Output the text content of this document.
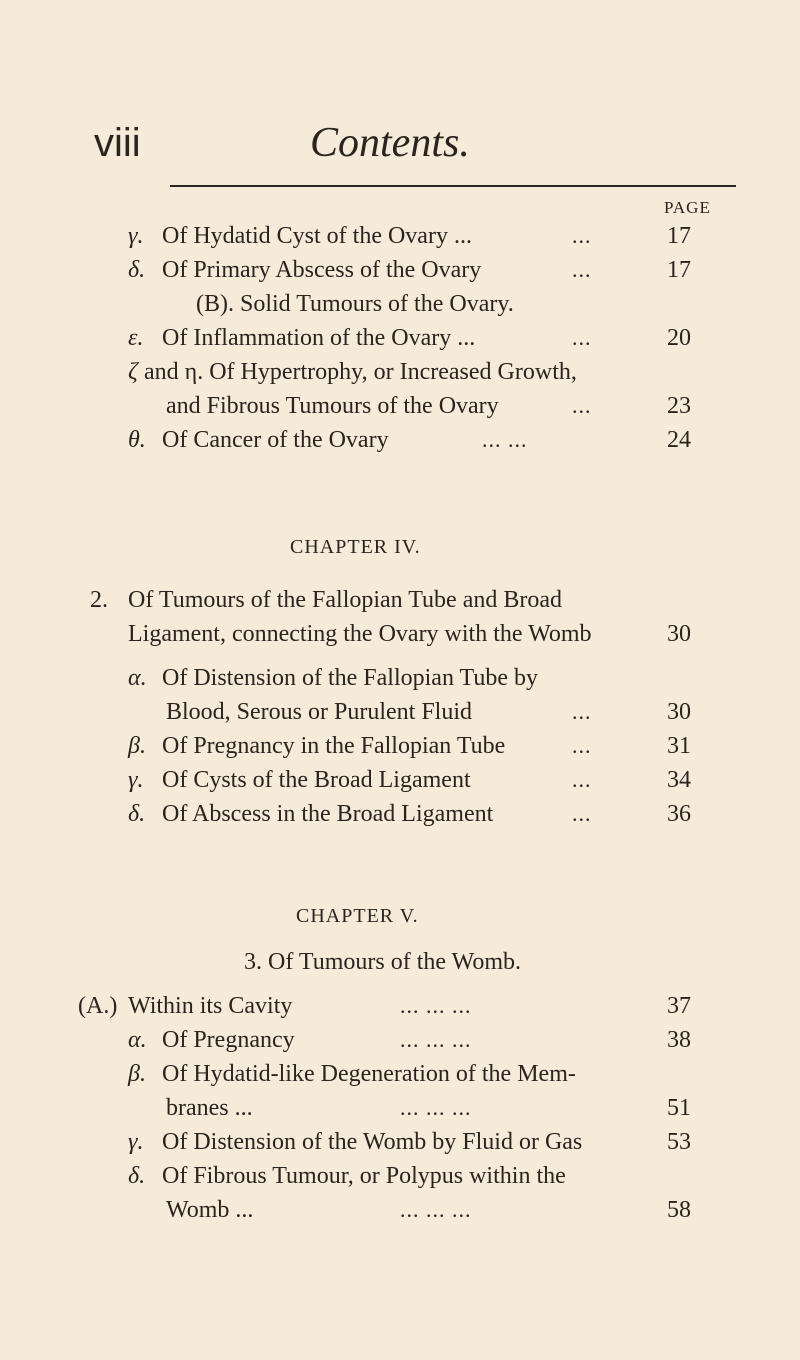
viii	Contents.
PAGE
γ. Of Hydatid Cyst of the Ovary ...	...	17
δ. Of Primary Abscess of the Ovary	...	17
(B). Solid Tumours of the Ovary.
ε. Of Inflammation of the Ovary ...	...	20
ζ and η. Of Hypertrophy, or Increased Growth,
and Fibrous Tumours of the Ovary	...	23
θ. Of Cancer of the Ovary	... ...	24
CHAPTER IV.
2. Of Tumours of the Fallopian Tube and Broad
Ligament, connecting the Ovary with the Womb	30
α. Of Distension of the Fallopian Tube by
Blood, Serous or Purulent Fluid	...	30
β. Of Pregnancy in the Fallopian Tube	...	31
γ. Of Cysts of the Broad Ligament	...	34
δ. Of Abscess in the Broad Ligament	...	36
CHAPTER V.
3. Of Tumours of the Womb.
(A.) Within its Cavity	... ... ...	37
α. Of Pregnancy	... ... ...	38
β. Of Hydatid-like Degeneration of the Mem-
branes ...	... ... ...	51
γ. Of Distension of the Womb by Fluid or Gas	53
δ. Of Fibrous Tumour, or Polypus within the
Womb ...	... ... ...	58
